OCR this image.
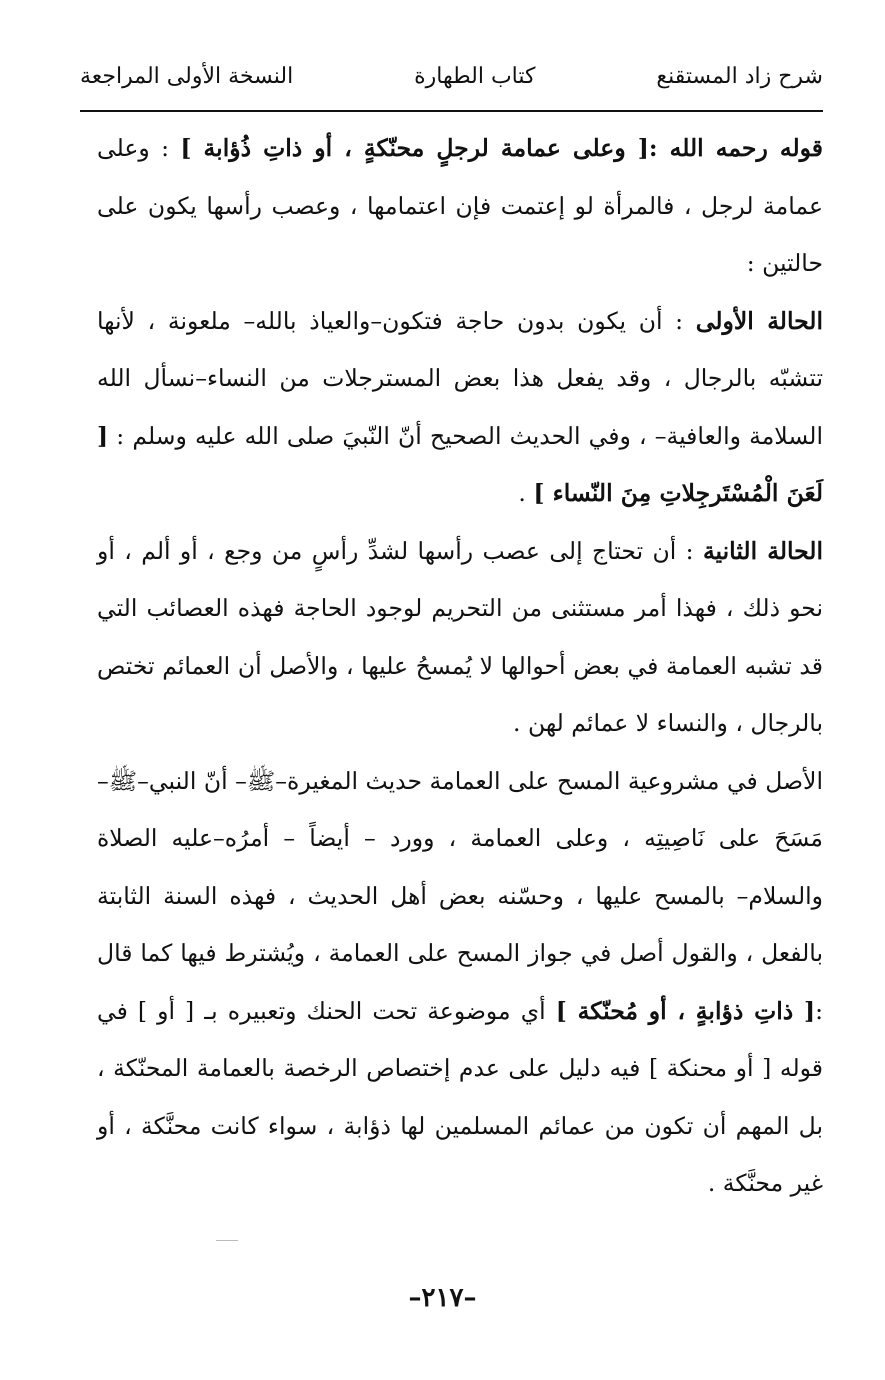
شرح زاد المستقنع
كتاب الطهارة
النسخة الأولى المراجعة

قوله رحمه الله :[ وعلى عمامة لرجلٍ محنّكةٍ ، أو ذاتِ ذُؤابة ] : وعلى عمامة لرجل ، فالمرأة لو إعتمت فإن اعتمامها ، وعصب رأسها يكون على حالتين :

الحالة الأولى : أن يكون بدون حاجة فتكون–والعياذ بالله– ملعونة ، لأنها تتشبّه بالرجال ، وقد يفعل هذا بعض المسترجلات من النساء–نسأل الله السلامة والعافية– ، وفي الحديث الصحيح أنّ النّبيَ صلى الله عليه وسلم : [ لَعَنَ الْمُسْتَرجِلاتِ مِنَ النّساء ] .

الحالة الثانية : أن تحتاج إلى عصب رأسها لشدِّ رأسٍ من وجع ، أو ألم ، أو نحو ذلك ، فهذا أمر مستثنى من التحريم لوجود الحاجة فهذه العصائب التي قد تشبه العمامة في بعض أحوالها لا يُمسحُ عليها ، والأصل أن العمائم تختص بالرجال ، والنساء لا عمائم لهن .

الأصل في مشروعية المسح على العمامة حديث المغيرة–ﷺ– أنّ النبي–ﷺ– مَسَحَ على نَاصِيتِه ، وعلى العمامة ، وورد – أيضاً – أمرُه–عليه الصلاة والسلام– بالمسح عليها ، وحسّنه بعض أهل الحديث ، فهذه السنة الثابتة بالفعل ، والقول أصل في جواز المسح على العمامة ، ويُشترط فيها كما قال :[ ذاتِ ذؤابةٍ ، أو مُحنّكة ] أي موضوعة تحت الحنك وتعبيره بـ [ أو ] في قوله [ أو محنكة ] فيه دليل على عدم إختصاص الرخصة بالعمامة المحنّكة ، بل المهم أن تكون من عمائم المسلمين لها ذؤابة ، سواء كانت محنَّكة ، أو غير محنَّكة .

–٢١٧–
